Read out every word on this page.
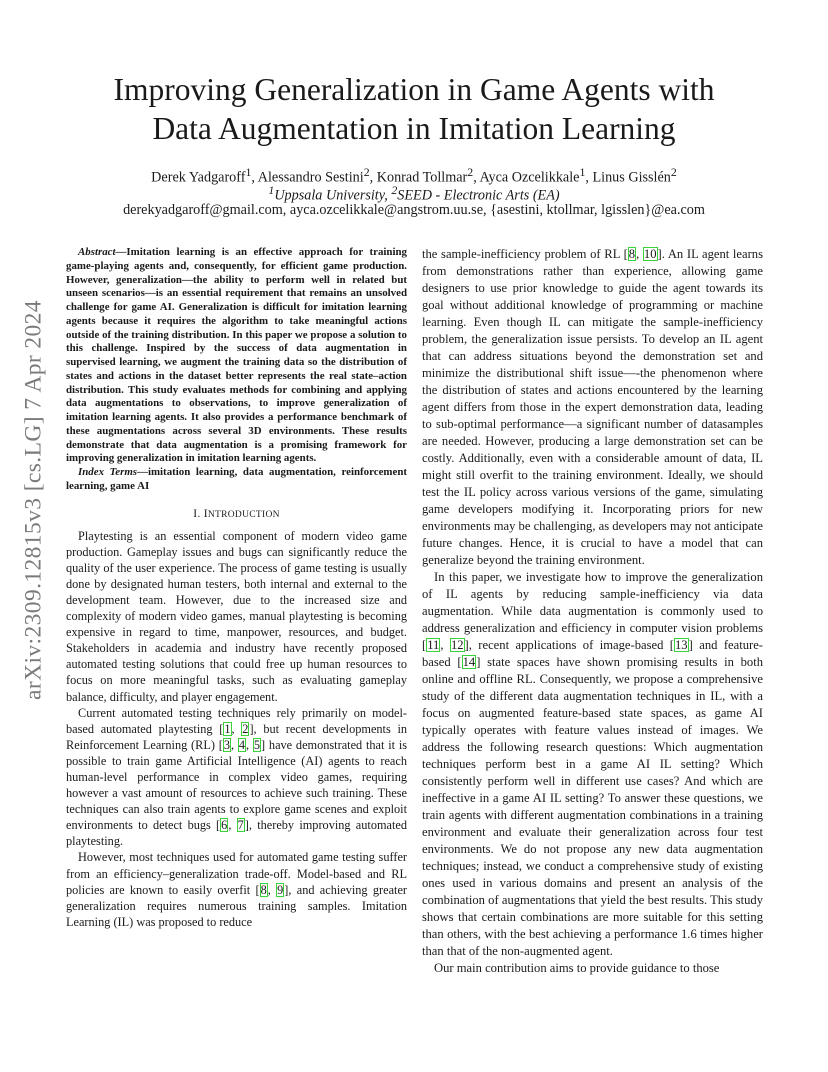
arXiv:2309.12815v3 [cs.LG] 7 Apr 2024
Improving Generalization in Game Agents with
Data Augmentation in Imitation Learning
Derek Yadgaroff$^1$, Alessandro Sestini$^2$, Konrad Tollmar$^2$, Ayca Ozcelikkale$^1$, Linus Gisslén$^2$
$^1$Uppsala University, $^2$SEED - Electronic Arts (EA)
derekyadgaroff@gmail.com, ayca.ozcelikkale@angstrom.uu.se, {asestini, ktollmar, lgisslen}@ea.com

Abstract—Imitation learning is an effective approach for training game-playing agents and, consequently, for efficient game production. However, generalization—the ability to perform well in related but unseen scenarios—is an essential requirement that remains an unsolved challenge for game AI. Generalization is difficult for imitation learning agents because it requires the algorithm to take meaningful actions outside of the training distribution. In this paper we propose a solution to this challenge. Inspired by the success of data augmentation in supervised learning, we augment the training data so the distribution of states and actions in the dataset better represents the real state–action distribution. This study evaluates methods for combining and applying data augmentations to observations, to improve generalization of imitation learning agents. It also provides a performance benchmark of these augmentations across several 3D environments. These results demonstrate that data augmentation is a promising framework for improving generalization in imitation learning agents.

Index Terms—imitation learning, data augmentation, reinforcement learning, game AI

I. INTRODUCTION

Playtesting is an essential component of modern video game production. Gameplay issues and bugs can significantly reduce the quality of the user experience. The process of game testing is usually done by designated human testers, both internal and external to the development team. However, due to the increased size and complexity of modern video games, manual playtesting is becoming expensive in regard to time, manpower, resources, and budget. Stakeholders in academia and industry have recently proposed automated testing solutions that could free up human resources to focus on more meaningful tasks, such as evaluating gameplay balance, difficulty, and player engagement.

Current automated testing techniques rely primarily on model-based automated playtesting [1, 2], but recent developments in Reinforcement Learning (RL) [3, 4, 5] have demonstrated that it is possible to train game Artificial Intelligence (AI) agents to reach human-level performance in complex video games, requiring however a vast amount of resources to achieve such training. These techniques can also train agents to explore game scenes and exploit environments to detect bugs [6, 7], thereby improving automated playtesting.

However, most techniques used for automated game testing suffer from an efficiency–generalization trade-off. Model-based and RL policies are known to easily overfit [8, 9], and achieving greater generalization requires numerous training samples. Imitation Learning (IL) was proposed to reduce

the sample-inefficiency problem of RL [8, 10]. An IL agent learns from demonstrations rather than experience, allowing game designers to use prior knowledge to guide the agent towards its goal without additional knowledge of programming or machine learning. Even though IL can mitigate the sample-inefficiency problem, the generalization issue persists. To develop an IL agent that can address situations beyond the demonstration set and minimize the distributional shift issue—-the phenomenon where the distribution of states and actions encountered by the learning agent differs from those in the expert demonstration data, leading to sub-optimal performance—a significant number of datasamples are needed. However, producing a large demonstration set can be costly. Additionally, even with a considerable amount of data, IL might still overfit to the training environment. Ideally, we should test the IL policy across various versions of the game, simulating game developers modifying it. Incorporating priors for new environments may be challenging, as developers may not anticipate future changes. Hence, it is crucial to have a model that can generalize beyond the training environment.

In this paper, we investigate how to improve the generalization of IL agents by reducing sample-inefficiency via data augmentation. While data augmentation is commonly used to address generalization and efficiency in computer vision problems [11, 12], recent applications of image-based [13] and feature-based [14] state spaces have shown promising results in both online and offline RL. Consequently, we propose a comprehensive study of the different data augmentation techniques in IL, with a focus on augmented feature-based state spaces, as game AI typically operates with feature values instead of images. We address the following research questions: Which augmentation techniques perform best in a game AI IL setting? Which consistently perform well in different use cases? And which are ineffective in a game AI IL setting? To answer these questions, we train agents with different augmentation combinations in a training environment and evaluate their generalization across four test environments. We do not propose any new data augmentation techniques; instead, we conduct a comprehensive study of existing ones used in various domains and present an analysis of the combination of augmentations that yield the best results. This study shows that certain combinations are more suitable for this setting than others, with the best achieving a performance 1.6 times higher than that of the non-augmented agent.

Our main contribution aims to provide guidance to those
